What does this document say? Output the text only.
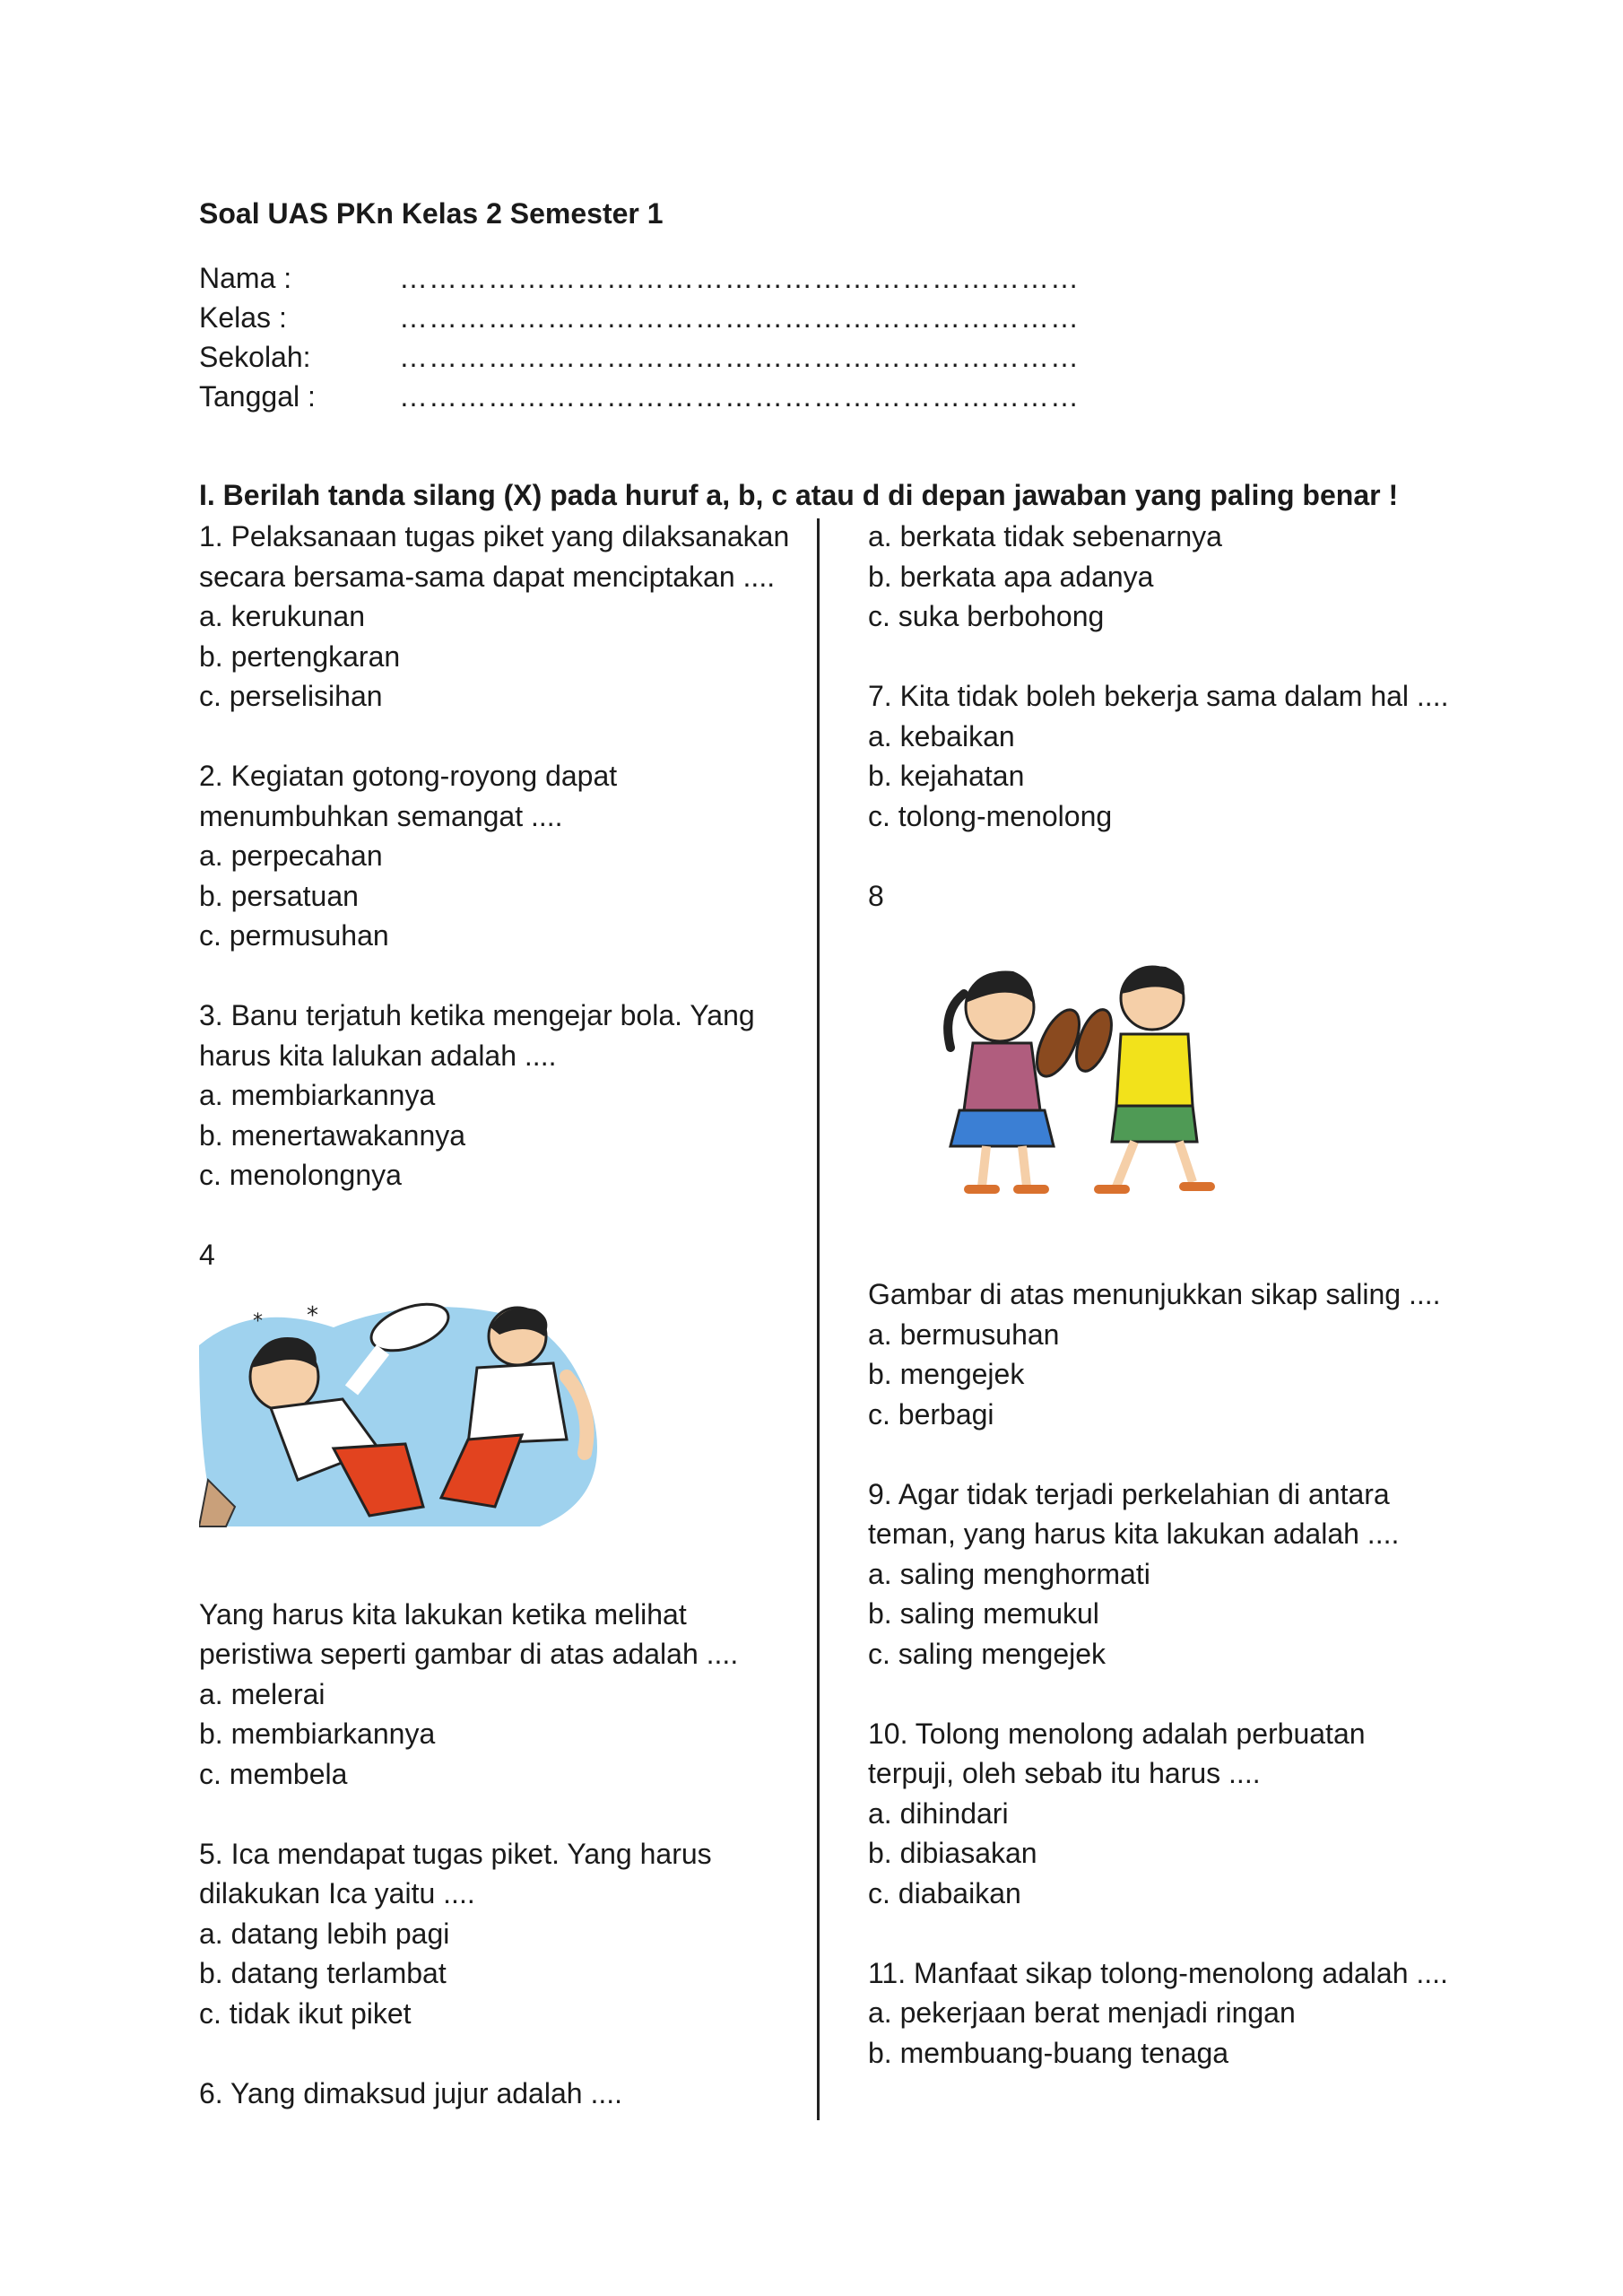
Soal UAS PKn Kelas 2 Semester 1
Nama :	……………………………………………………………
Kelas :	……………………………………………………………
Sekolah:	……………………………………………………………
Tanggal :	……………………………………………………………
I. Berilah tanda silang (X) pada huruf a, b, c atau d di depan jawaban yang paling benar !
1. Pelaksanaan tugas piket yang dilaksanakan
secara bersama-sama dapat menciptakan ....
a. kerukunan
b. pertengkaran
c. perselisihan
2. Kegiatan gotong-royong dapat
menumbuhkan semangat ....
a. perpecahan
b. persatuan
c. permusuhan
3. Banu terjatuh ketika mengejar bola. Yang
harus kita lalukan adalah ....
a. membiarkannya
b. menertawakannya
c. menolongnya
4
Yang harus kita lakukan ketika melihat
peristiwa seperti gambar di atas adalah ....
a. melerai
b. membiarkannya
c. membela
5. Ica mendapat tugas piket. Yang harus
dilakukan Ica yaitu ....
a. datang lebih pagi
b. datang terlambat
c. tidak ikut piket
6. Yang dimaksud jujur adalah ....
a. berkata tidak sebenarnya
b. berkata apa adanya
c. suka berbohong
7. Kita tidak boleh bekerja sama dalam hal ....
a. kebaikan
b. kejahatan
c. tolong-menolong
8
Gambar di atas menunjukkan sikap saling ....
a. bermusuhan
b. mengejek
c. berbagi
9. Agar tidak terjadi perkelahian di antara
teman, yang harus kita lakukan adalah ....
a. saling menghormati
b. saling memukul
c. saling mengejek
10. Tolong menolong adalah perbuatan
terpuji, oleh sebab itu harus ....
a. dihindari
b. dibiasakan
c. diabaikan
11. Manfaat sikap tolong-menolong adalah ....
a. pekerjaan berat menjadi ringan
b. membuang-buang tenaga
*
*
